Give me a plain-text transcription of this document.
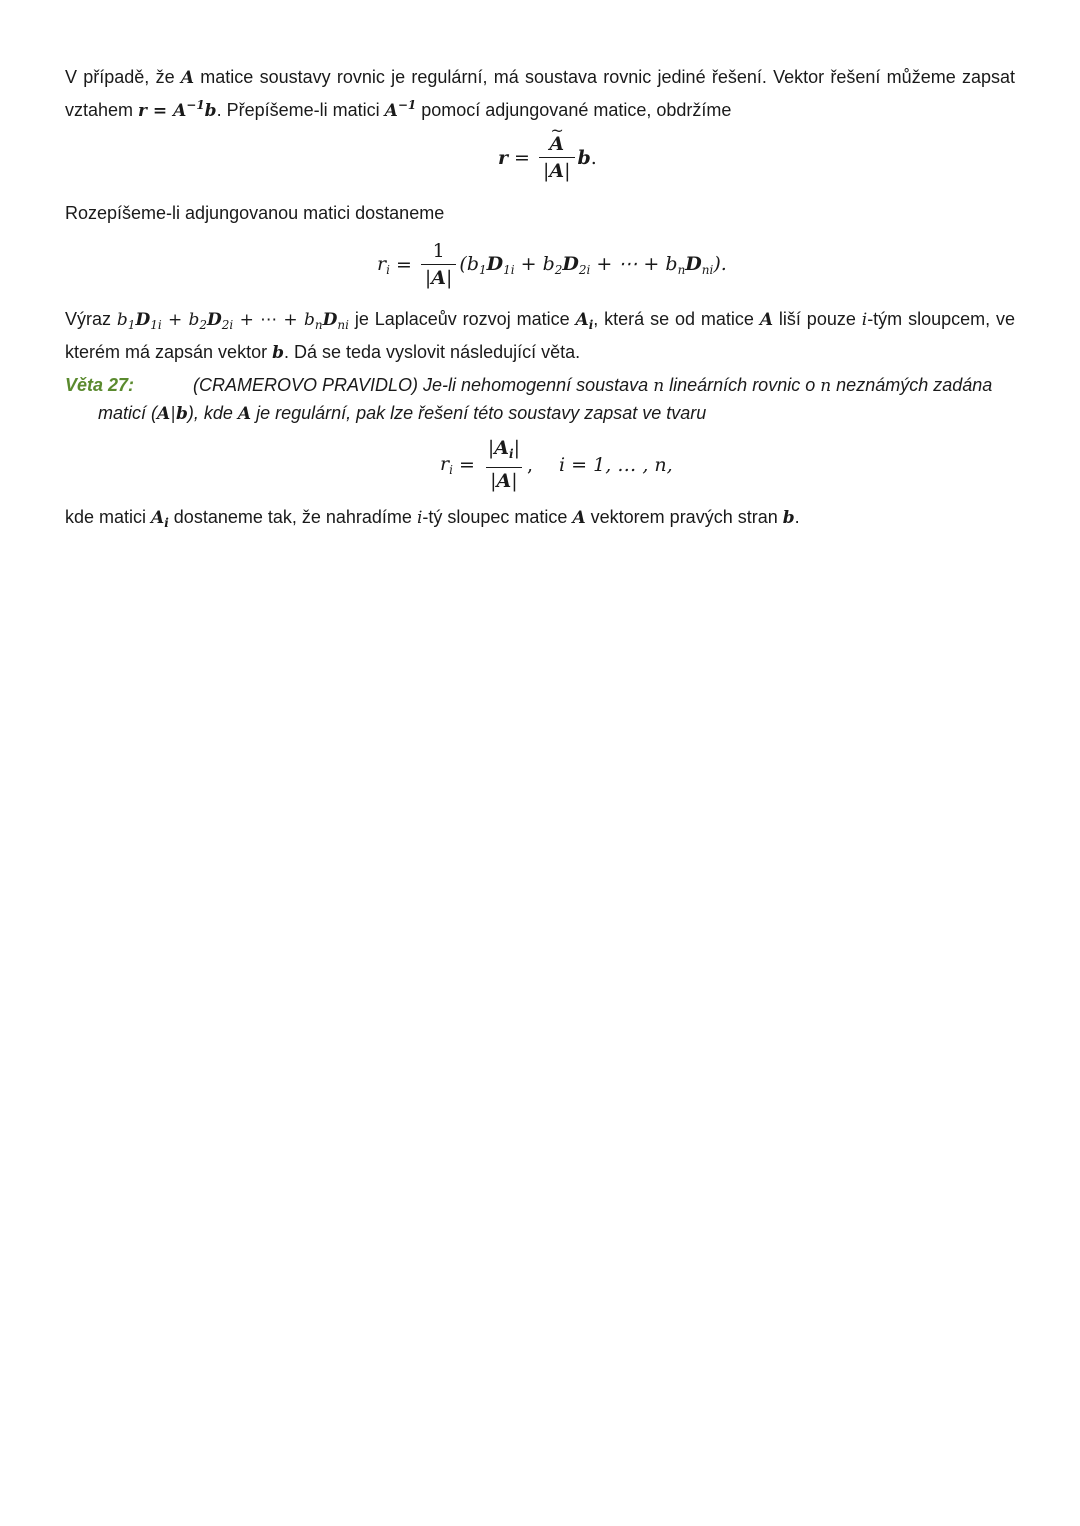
V případě, že A matice soustavy rovnic je regulární, má soustava rovnic jediné řešení. Vektor řešení můžeme zapsat vztahem $r = A^{-1}b$. Přepíšeme-li matici $A^{-1}$ pomocí adjungované matice, obdržíme
r =
~ $\frac{A}{|A|}$ b .
Rozepíšeme-li adjungovanou matici dostaneme
$r_i = \frac{1}{|A|} (b_1D_{1i} + b_2D_{2i}$ + ⋯ + $b_nD_{ni}$).
Výraz $b_1D_{1i} + b_2D_{2i}$ + ⋯ + $b_nD_{ni}$ je Laplaceův rozvoj matice $A_i$, která se od matice A liší pouze i-tým sloupcem, ve kterém má zapsán vektor b. Dá se teda vyslovit následující věta.
Věta 27:	(CRAMEROVO PRAVIDLO) Je-li nehomogenní soustava n lineárních rovnic o n neznámých zadána
maticí (A|b), kde A je regulární, pak lze řešení této soustavy zapsat ve tvaru
$r_i = \frac{|A_i|}{|A|}$ , i = 1, … , n,
kde matici $A_i$ dostaneme tak, že nahradíme i-tý sloupec matice A vektorem pravých stran b.
